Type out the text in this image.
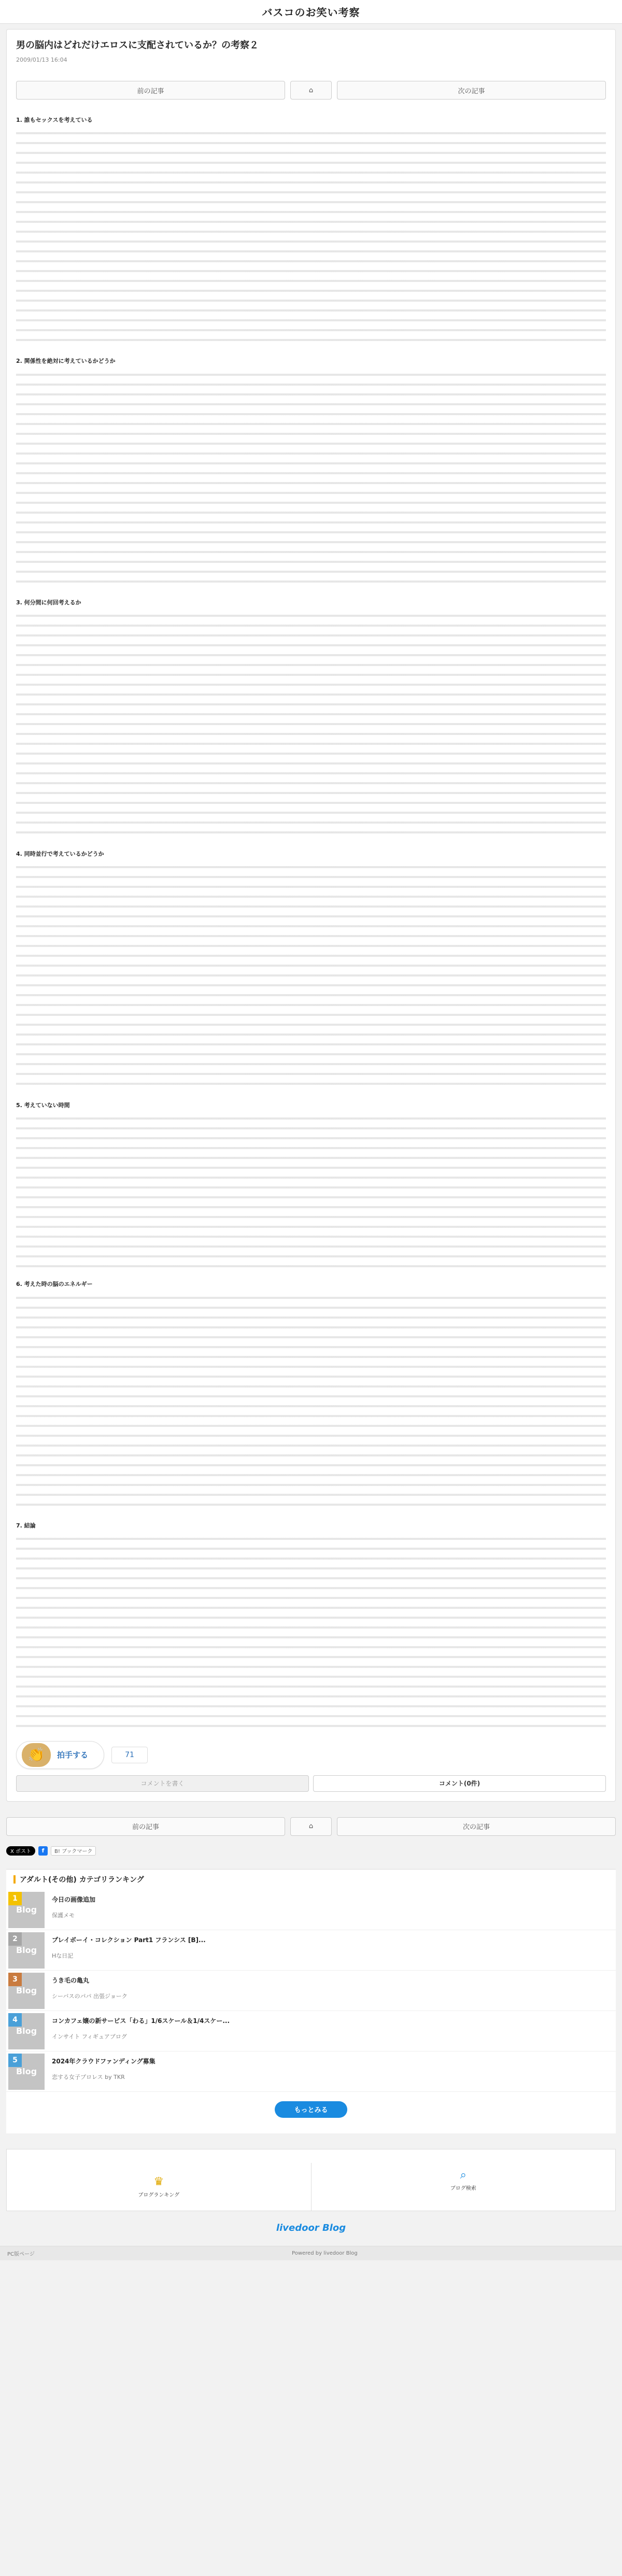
バスコのお笑い考察
男の脳内はどれだけエロスに支配されているか？の考察２
2009/01/13 16:04
前の記事	⌂	次の記事
1. 誰もセックスを考えている
2. 関係性を絶対に考えているかどうか
3. 何分間に何回考えるか
4. 同時並行で考えているかどうか
5. 考えていない時間
6. 考えた時の脳のエネルギー
7. 結論
👏	拍手する	71
コメントを書く	コメント(0件)
前の記事	⌂	次の記事
X ポスト	f	B! ブックマーク
アダルト(その他) カテゴリランキング
1
Blog
今日の画像追加
保護メモ
2
Blog
プレイボーイ・コレクション Part1 フランシス [B]...
Hな日記
3
Blog
うき毛の亀丸
シーバスのパパ 出張ジョーク
4
Blog
コンカフェ嬢の新サービス「わる」1/6スケール＆1/4スケー...
インサイト フィギュアブログ
5
Blog
2024年クラウドファンディング募集
恋する女子プロレス by TKR
もっとみる
♛
ブログランキング
⌕
ブログ検索
livedoor Blog
PC版ページ	Powered by livedoor Blog
